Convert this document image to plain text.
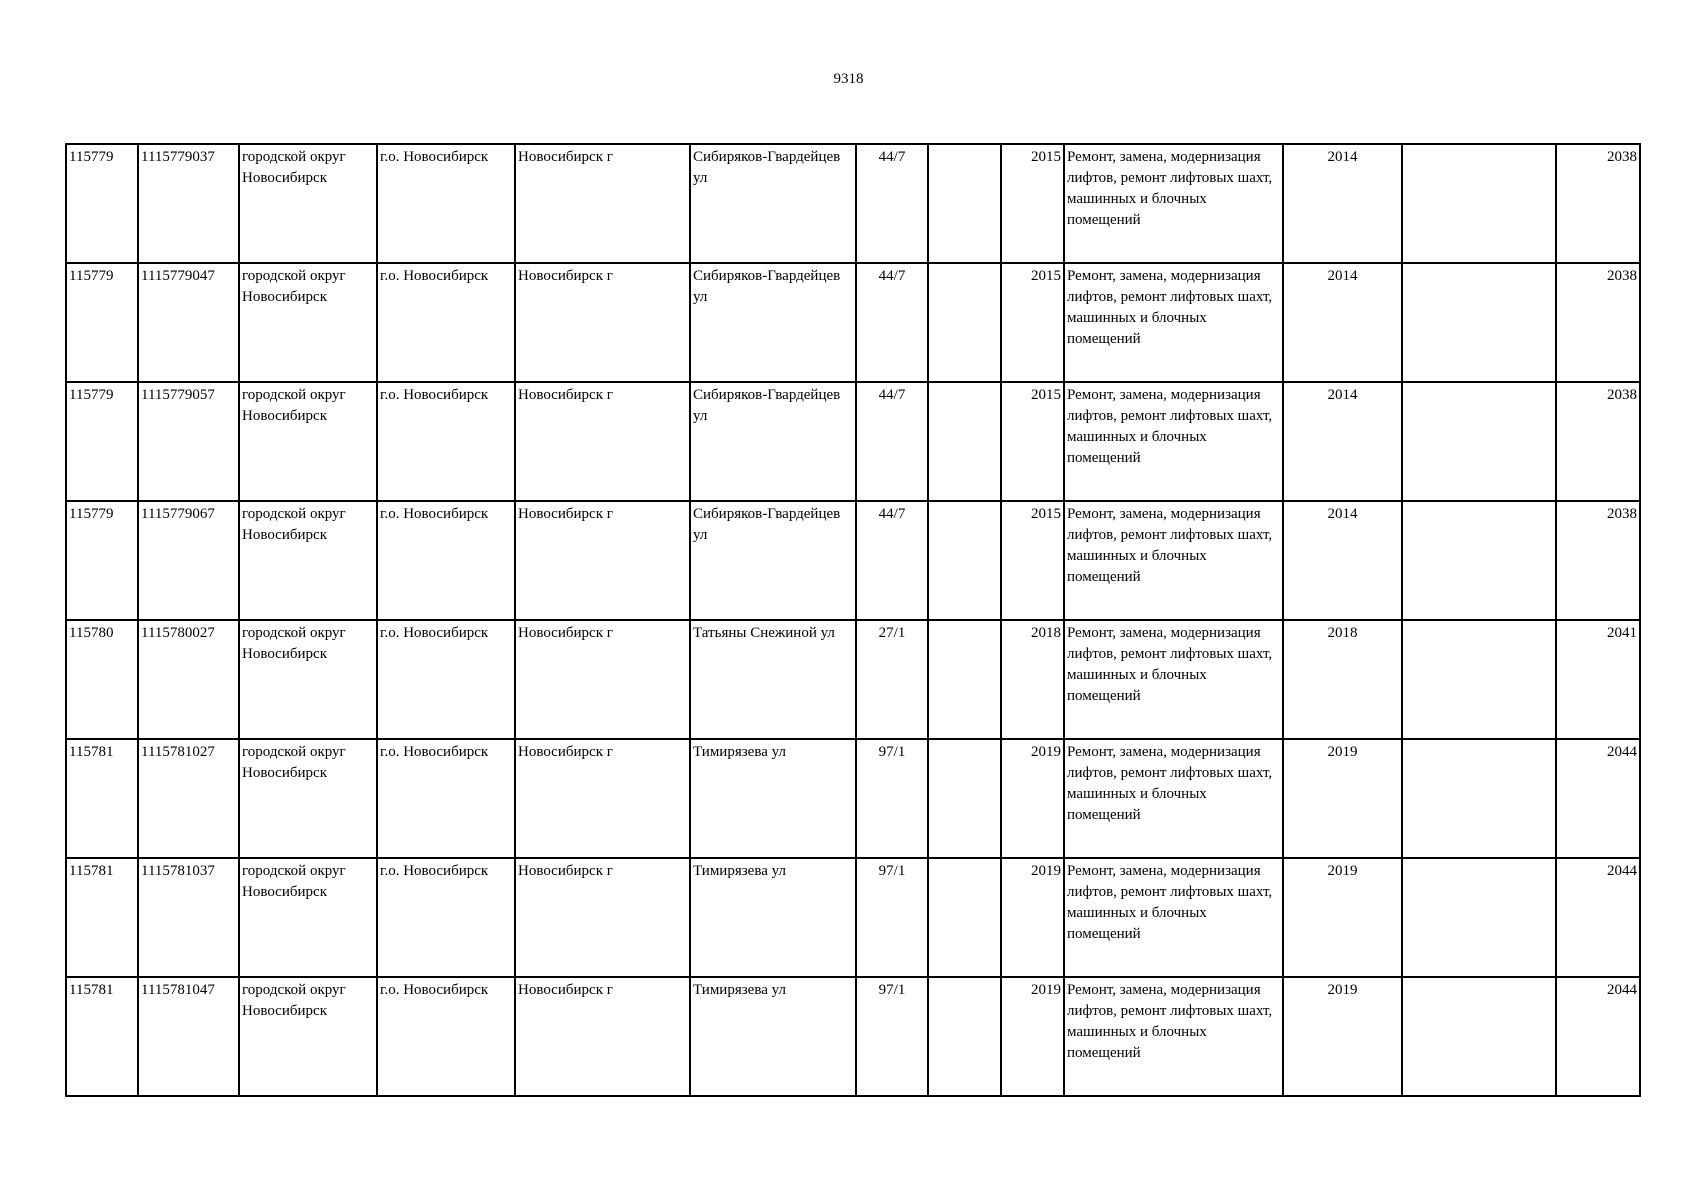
9318
115779	1115779037	городской округ Новосибирск	г.о. Новосибирск	Новосибирск г	Сибиряков-Гвардейцев ул	44/7		2015	Ремонт, замена, модернизация лифтов, ремонт лифтовых шахт, машинных и блочных помещений	2014		2038	
115779	1115779047	городской округ Новосибирск	г.о. Новосибирск	Новосибирск г	Сибиряков-Гвардейцев ул	44/7		2015	Ремонт, замена, модернизация лифтов, ремонт лифтовых шахт, машинных и блочных помещений	2014		2038	
115779	1115779057	городской округ Новосибирск	г.о. Новосибирск	Новосибирск г	Сибиряков-Гвардейцев ул	44/7		2015	Ремонт, замена, модернизация лифтов, ремонт лифтовых шахт, машинных и блочных помещений	2014		2038	
115779	1115779067	городской округ Новосибирск	г.о. Новосибирск	Новосибирск г	Сибиряков-Гвардейцев ул	44/7		2015	Ремонт, замена, модернизация лифтов, ремонт лифтовых шахт, машинных и блочных помещений	2014		2038	
115780	1115780027	городской округ Новосибирск	г.о. Новосибирск	Новосибирск г	Татьяны Снежиной ул	27/1		2018	Ремонт, замена, модернизация лифтов, ремонт лифтовых шахт, машинных и блочных помещений	2018		2041	
115781	1115781027	городской округ Новосибирск	г.о. Новосибирск	Новосибирск г	Тимирязева ул	97/1		2019	Ремонт, замена, модернизация лифтов, ремонт лифтовых шахт, машинных и блочных помещений	2019		2044	
115781	1115781037	городской округ Новосибирск	г.о. Новосибирск	Новосибирск г	Тимирязева ул	97/1		2019	Ремонт, замена, модернизация лифтов, ремонт лифтовых шахт, машинных и блочных помещений	2019		2044	
115781	1115781047	городской округ Новосибирск	г.о. Новосибирск	Новосибирск г	Тимирязева ул	97/1		2019	Ремонт, замена, модернизация лифтов, ремонт лифтовых шахт, машинных и блочных помещений	2019		2044	
